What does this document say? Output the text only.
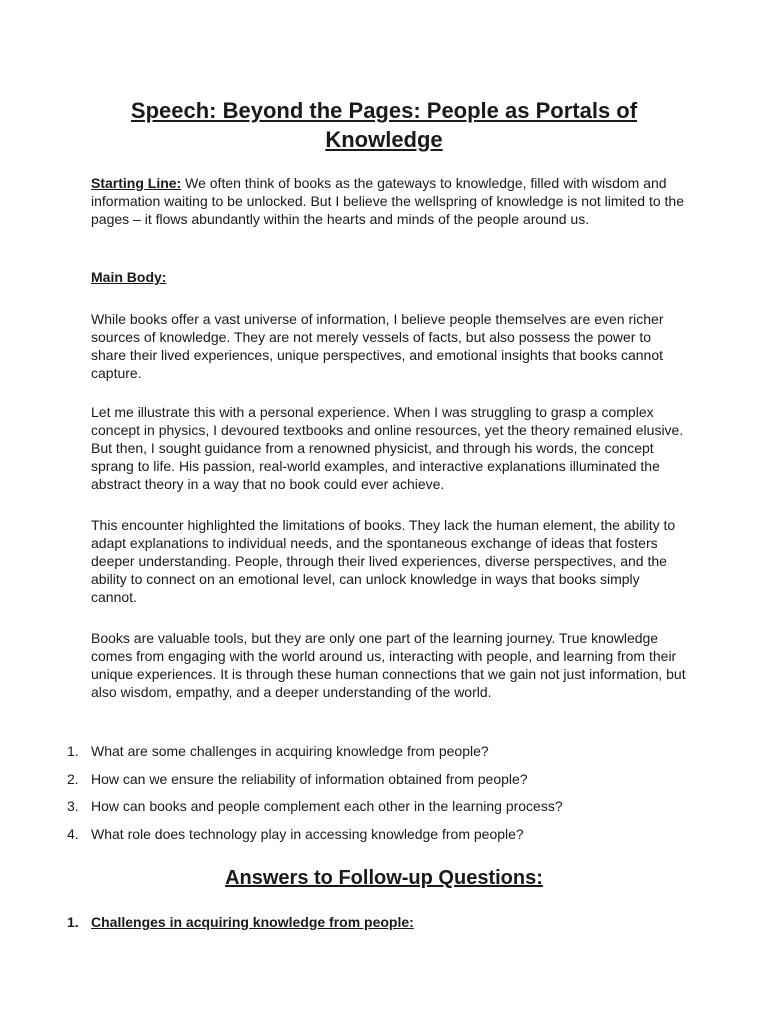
Speech: Beyond the Pages: People as Portals of Knowledge

Starting Line: We often think of books as the gateways to knowledge, filled with wisdom and information waiting to be unlocked. But I believe the wellspring of knowledge is not limited to the pages – it flows abundantly within the hearts and minds of the people around us.

Main Body:

While books offer a vast universe of information, I believe people themselves are even richer sources of knowledge. They are not merely vessels of facts, but also possess the power to share their lived experiences, unique perspectives, and emotional insights that books cannot capture.

Let me illustrate this with a personal experience. When I was struggling to grasp a complex concept in physics, I devoured textbooks and online resources, yet the theory remained elusive. But then, I sought guidance from a renowned physicist, and through his words, the concept sprang to life. His passion, real-world examples, and interactive explanations illuminated the abstract theory in a way that no book could ever achieve.

This encounter highlighted the limitations of books. They lack the human element, the ability to adapt explanations to individual needs, and the spontaneous exchange of ideas that fosters deeper understanding. People, through their lived experiences, diverse perspectives, and the ability to connect on an emotional level, can unlock knowledge in ways that books simply cannot.

Books are valuable tools, but they are only one part of the learning journey. True knowledge comes from engaging with the world around us, interacting with people, and learning from their unique experiences. It is through these human connections that we gain not just information, but also wisdom, empathy, and a deeper understanding of the world.

1. What are some challenges in acquiring knowledge from people?
2. How can we ensure the reliability of information obtained from people?
3. How can books and people complement each other in the learning process?
4. What role does technology play in accessing knowledge from people?
Answers to Follow-up Questions:

1. Challenges in acquiring knowledge from people:
